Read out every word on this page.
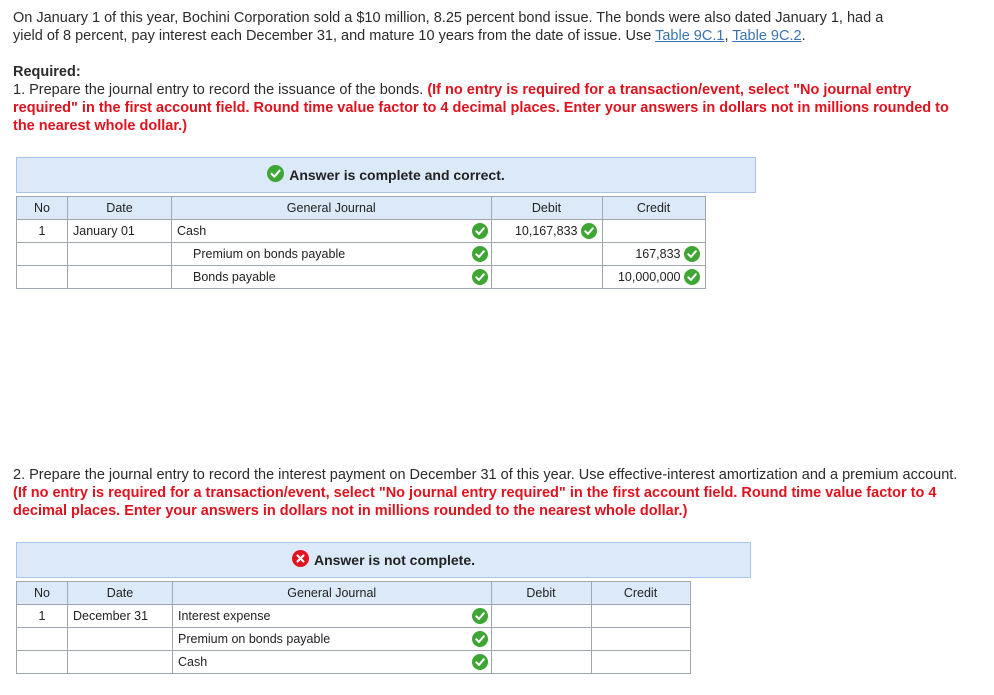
On January 1 of this year, Bochini Corporation sold a $10 million, 8.25 percent bond issue. The bonds were also dated January 1, had a
yield of 8 percent, pay interest each December 31, and mature 10 years from the date of issue. Use Table 9C.1, Table 9C.2.
Required:
1. Prepare the journal entry to record the issuance of the bonds. (If no entry is required for a transaction/event, select "No journal entry required" in the first account field. Round time value factor to 4 decimal places. Enter your answers in dollars not in millions rounded to the nearest whole dollar.)
Answer is complete and correct.
No	Date	General Journal		Debit	Credit
1	January 01	Cash		10,167,833	

		Premium on bonds payable			167,833

		Bonds payable			10,000,000
2. Prepare the journal entry to record the interest payment on December 31 of this year. Use effective-interest amortization and a premium account. (If no entry is required for a transaction/event, select "No journal entry required" in the first account field. Round time value factor to 4 decimal places. Enter your answers in dollars not in millions rounded to the nearest whole dollar.)
Answer is not complete.
No	Date	General Journal		Debit	Credit
1	December 31	Interest expense			
		Premium on bonds payable			
		Cash			
